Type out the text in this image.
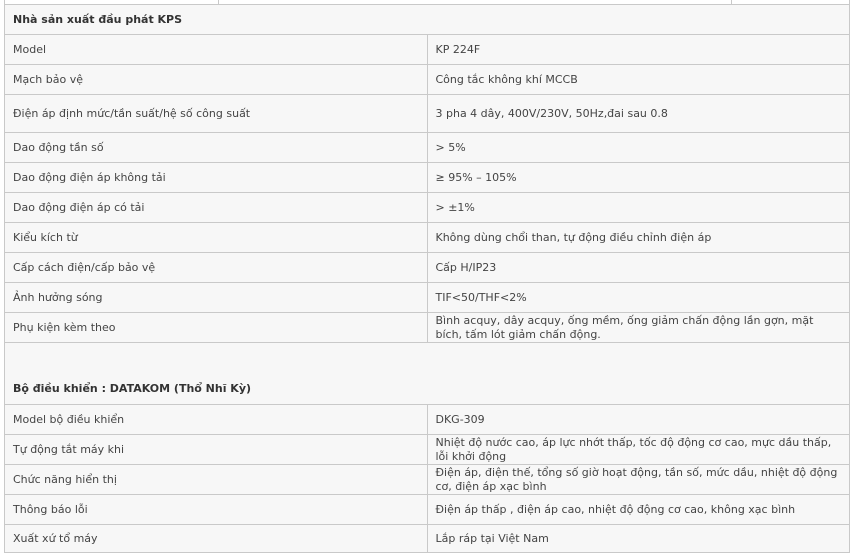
Nhà sản xuất đầu phát KPS	
Model	KP 224F
Mạch bảo vệ	Công tắc không khí MCCB
Điện áp định mức/tần suất/hệ số công suất	3 pha 4 dây, 400V/230V, 50Hz,đai sau 0.8
Dao động tần số	> 5%
Dao động điện áp không tải	≥ 95% – 105%
Dao động điện áp có tải	> ±1%
Kiểu kích từ	Không dùng chổi than, tự động điều chỉnh điện áp
Cấp cách điện/cấp bảo vệ	Cấp H/IP23
Ảnh hưởng sóng	TIF<50/THF<2%
Phụ kiện kèm theo	Bình acquy, dây acquy, ống mềm, ống giảm chấn động lần gợn, mặt bích, tấm lót giảm chấn động.
Bộ điều khiển : DATAKOM (Thổ Nhĩ Kỳ)	
Model bộ điều khiển	DKG-309
Tự động tắt máy khi	Nhiệt độ nước cao, áp lực nhớt thấp, tốc độ động cơ cao, mực dầu thấp, lỗi khởi động
Chức năng hiển thị	Điện áp, điện thế, tổng số giờ hoạt động, tần số, mức dầu, nhiệt độ động cơ, điện áp xạc bình
Thông báo lỗi	Điện áp thấp , điện áp cao, nhiệt độ động cơ cao, không xạc bình
Xuất xứ tổ máy	Lắp ráp tại Việt Nam
